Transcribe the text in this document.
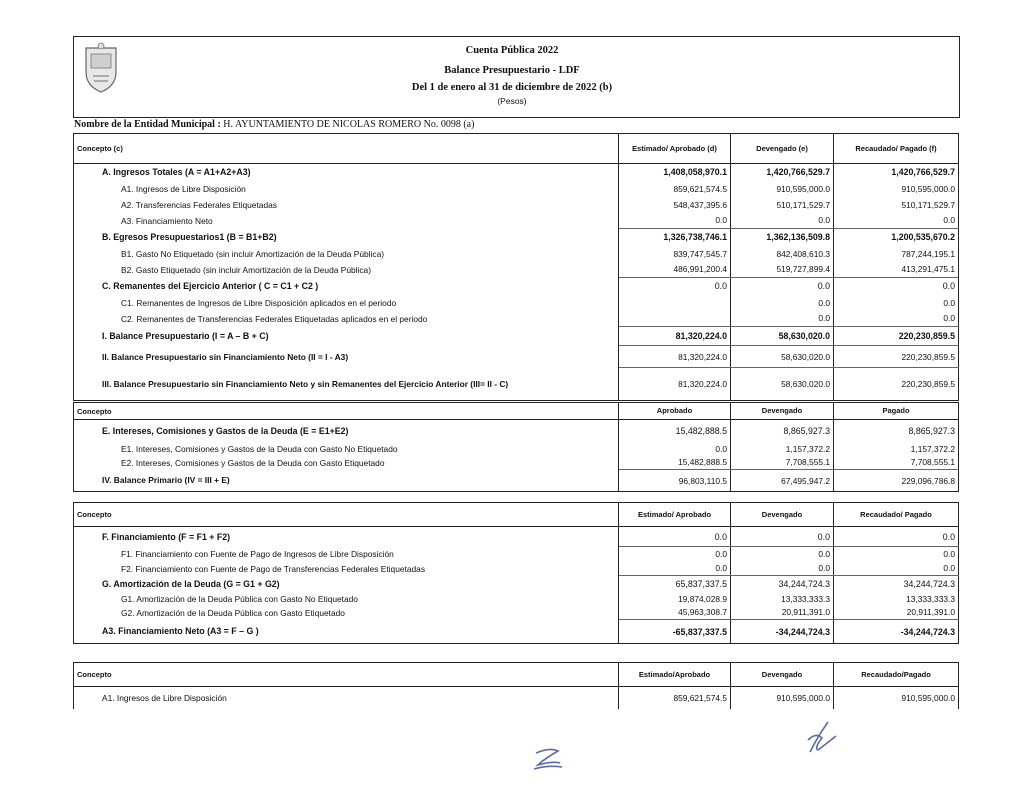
Cuenta Pública 2022
Balance Presupuestario - LDF
Del 1 de enero al 31 de diciembre de 2022 (b)
(Pesos)
Nombre de la Entidad Municipal : H. AYUNTAMIENTO DE NICOLAS ROMERO No. 0098 (a)
Concepto (c)	Estimado/ Aprobado (d)	Devengado (e)	Recaudado/ Pagado (f)
A. Ingresos Totales (A = A1+A2+A3)	1,408,058,970.1	1,420,766,529.7	1,420,766,529.7
A1. Ingresos de Libre Disposición	859,621,574.5	910,595,000.0	910,595,000.0
A2. Transferencias Federales Etiquetadas	548,437,395.6	510,171,529.7	510,171,529.7
A3. Financiamiento Neto	0.0	0.0	0.0
B. Egresos Presupuestarios1 (B = B1+B2)	1,326,738,746.1	1,362,136,509.8	1,200,535,670.2
B1. Gasto No Etiquetado (sin incluir Amortización de la Deuda Pública)	839,747,545.7	842,408,610.3	787,244,195.1
B2. Gasto Etiquetado (sin incluir Amortización de la Deuda Pública)	486,991,200.4	519,727,899.4	413,291,475.1
C. Remanentes del Ejercicio Anterior ( C = C1 + C2 )	0.0	0.0	0.0
C1. Remanentes de Ingresos de Libre Disposición aplicados en el periodo		0.0	0.0
C2. Remanentes de Transferencias Federales Etiquetadas aplicados en el periodo		0.0	0.0
I. Balance Presupuestario (I = A – B + C)	81,320,224.0	58,630,020.0	220,230,859.5
II. Balance Presupuestario sin Financiamiento Neto (II = I - A3)	81,320,224.0	58,630,020.0	220,230,859.5
III. Balance Presupuestario sin Financiamiento Neto y sin Remanentes del Ejercicio Anterior (III= II - C)	81,320,224.0	58,630,020.0	220,230,859.5
Concepto	Aprobado	Devengado	Pagado
E. Intereses, Comisiones y Gastos de la Deuda (E = E1+E2)	15,482,888.5	8,865,927.3	8,865,927.3
E1. Intereses, Comisiones y Gastos de la Deuda con Gasto No Etiquetado	0.0	1,157,372.2	1,157,372.2
E2. Intereses, Comisiones y Gastos de la Deuda con Gasto Etiquetado	15,482,888.5	7,708,555.1	7,708,555.1
IV. Balance Primario (IV = III + E)	96,803,110.5	67,495,947.2	229,096,786.8
Concepto	Estimado/ Aprobado	Devengado	Recaudado/ Pagado
F. Financiamiento (F = F1 + F2)	0.0	0.0	0.0
F1. Financiamiento con Fuente de Pago de Ingresos de Libre Disposición	0.0	0.0	0.0
F2. Financiamiento con Fuente de Pago de Transferencias Federales Etiquetadas	0.0	0.0	0.0
G. Amortización de la Deuda (G = G1 + G2)	65,837,337.5	34,244,724.3	34,244,724.3
G1. Amortización de la Deuda Pública con Gasto No Etiquetado	19,874,028.9	13,333,333.3	13,333,333.3
G2. Amortización de la Deuda Pública con Gasto Etiquetado	45,963,308.7	20,911,391.0	20,911,391.0
A3. Financiamiento Neto (A3 = F – G )	-65,837,337.5	-34,244,724.3	-34,244,724.3
Concepto	Estimado/Aprobado	Devengado	Recaudado/Pagado
A1. Ingresos de Libre Disposición	859,621,574.5	910,595,000.0	910,595,000.0
